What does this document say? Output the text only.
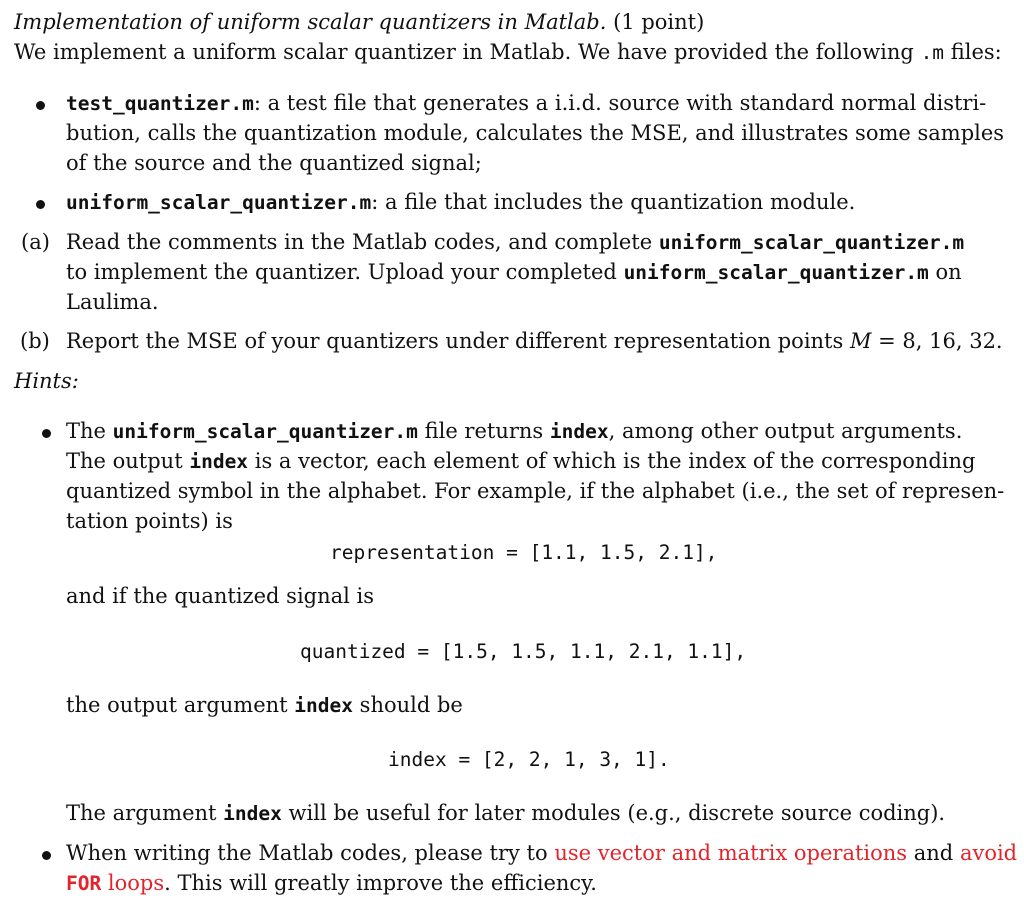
Implementation of uniform scalar quantizers in Matlab. (1 point)
We implement a uniform scalar quantizer in Matlab. We have provided the following .m files:
test_quantizer.m: a test file that generates a i.i.d. source with standard normal distri-
bution, calls the quantization module, calculates the MSE, and illustrates some samples
of the source and the quantized signal;
uniform_scalar_quantizer.m: a file that includes the quantization module.
(a) Read the comments in the Matlab codes, and complete uniform_scalar_quantizer.m
to implement the quantizer. Upload your completed uniform_scalar_quantizer.m on
Laulima.
(b) Report the MSE of your quantizers under different representation points M = 8, 16, 32.
Hints:
The uniform_scalar_quantizer.m file returns index, among other output arguments.
The output index is a vector, each element of which is the index of the corresponding
quantized symbol in the alphabet. For example, if the alphabet (i.e., the set of represen-
tation points) is
representation = [1.1, 1.5, 2.1],
and if the quantized signal is
quantized = [1.5, 1.5, 1.1, 2.1, 1.1],
the output argument index should be
index = [2, 2, 1, 3, 1].
The argument index will be useful for later modules (e.g., discrete source coding).
When writing the Matlab codes, please try to use vector and matrix operations and avoid
FOR loops. This will greatly improve the efficiency.
